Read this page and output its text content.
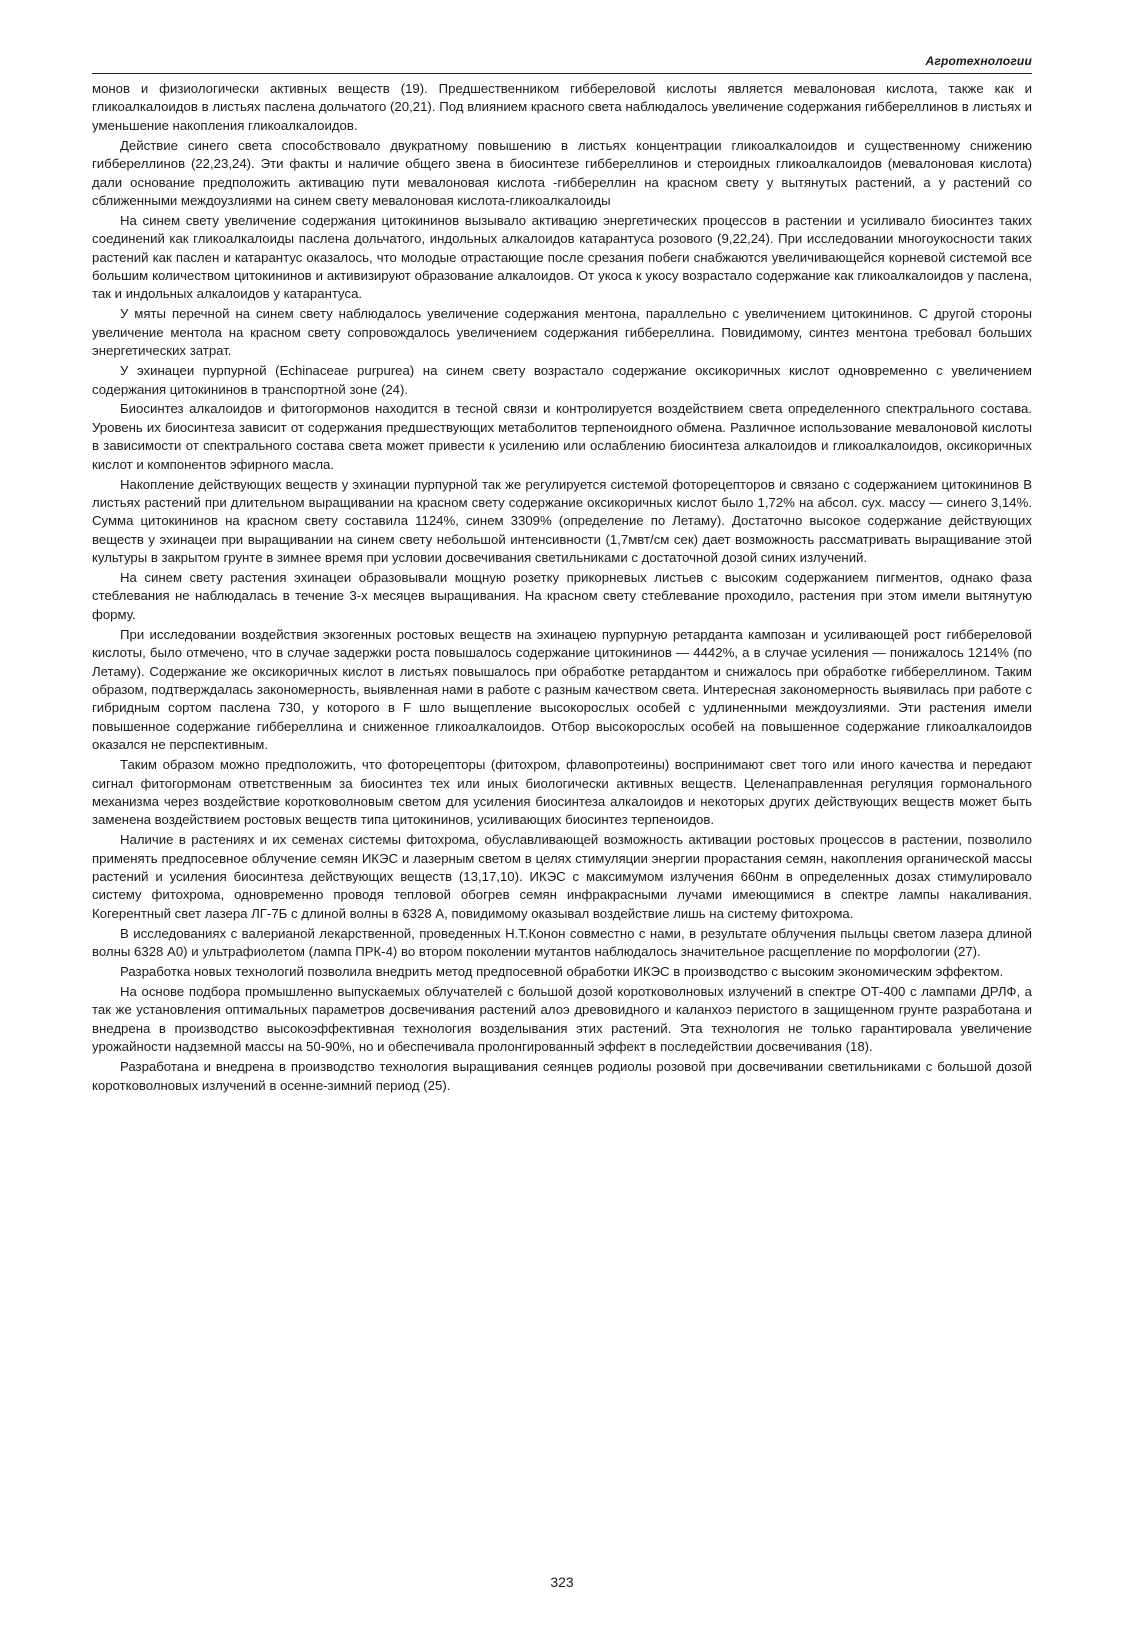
Агротехнологии

монов и физиологически активных веществ (19). Предшественником гиббереловой кислоты является мевалоновая кислота, также как и гликоалкалоидов в листьях паслена дольчатого (20,21). Под влиянием красного света наблюдалось увеличение содержания гиббереллинов в листьях и уменьшение накопления гликоалкалоидов.

Действие синего света способствовало двукратному повышению в листьях концентрации гликоалкалоидов и существенному снижению гиббереллинов (22,23,24). Эти факты и наличие общего звена в биосинтезе гиббереллинов и стероидных гликоалкалоидов (мевалоновая кислота) дали основание предположить активацию пути мевалоновая кислота -гиббереллин на красном свету у вытянутых растений, а у растений со сближенными междоузлиями на синем свету мевалоновая кислота-гликоалкалоиды

На синем свету увеличение содержания цитокининов вызывало активацию энергетических процессов в растении и усиливало биосинтез таких соединений как гликоалкалоиды паслена дольчатого, индольных алкалоидов катарантуса розового (9,22,24). При исследовании многоукосности таких растений как паслен и катарантус оказалось, что молодые отрастающие после срезания побеги снабжаются увеличивающейся корневой системой все большим количеством цитокининов и активизируют образование алкалоидов. От укоса к укосу возрастало содержание как гликоалкалоидов у паслена, так и индольных алкалоидов у катарантуса.

У мяты перечной на синем свету наблюдалось увеличение содержания ментона, параллельно с увеличением цитокининов. С другой стороны увеличение ментола на красном свету сопровождалось увеличением содержания гиббереллина. Повидимому, синтез ментона требовал больших энергетических затрат.

У эхинацеи пурпурной (Echinaceae purpurea) на синем свету возрастало содержание оксикоричных кислот одновременно с увеличением содержания цитокининов в транспортной зоне (24).

Биосинтез алкалоидов и фитогормонов находится в тесной связи и контролируется воздействием света определенного спектрального состава. Уровень их биосинтеза зависит от содержания предшествующих метаболитов терпеноидного обмена. Различное использование мевалоновой кислоты в зависимости от спектрального состава света может привести к усилению или ослаблению биосинтеза алкалоидов и гликоалкалоидов, оксикоричных кислот и компонентов эфирного масла.

Накопление действующих веществ у эхинации пурпурной так же регулируется системой фоторецепторов и связано с содержанием цитокининов В листьях растений при длительном выращивании на красном свету содержание оксикоричных кислот было 1,72% на абсол. сух. массу — синего 3,14%. Сумма цитокининов на красном свету составила 1124%, синем 3309% (определение по Летаму). Достаточно высокое содержание действующих веществ у эхинацеи при выращивании на синем свету небольшой интенсивности (1,7мвт/см сек) дает возможность рассматривать выращивание этой культуры в закрытом грунте в зимнее время при условии досвечивания светильниками с достаточной дозой синих излучений.

На синем свету растения эхинацеи образовывали мощную розетку прикорневых листьев с высоким содержанием пигментов, однако фаза стеблевания не наблюдалась в течение 3-х месяцев выращивания. На красном свету стеблевание проходило, растения при этом имели вытянутую форму.

При исследовании воздействия экзогенных ростовых веществ на эхинацею пурпурную ретарданта кампозан и усиливающей рост гиббереловой кислоты, было отмечено, что в случае задержки роста повышалось содержание цитокининов — 4442%, а в случае усиления — понижалось 1214% (по Летаму). Содержание же оксикоричных кислот в листьях повышалось при обработке ретардантом и снижалось при обработке гиббереллином. Таким образом, подтверждалась закономерность, выявленная нами в работе с разным качеством света. Интересная закономерность выявилась при работе с гибридным сортом паслена 730, у которого в F шло выщепление высокорослых особей с удлиненными междоузлиями. Эти растения имели повышенное содержание гиббереллина и сниженное гликоалкалоидов. Отбор высокорослых особей на повышенное содержание гликоалкалоидов оказался не перспективным.

Таким образом можно предположить, что фоторецепторы (фитохром, флавопротеины) воспринимают свет того или иного качества и передают сигнал фитогормонам ответственным за биосинтез тех или иных биологически активных веществ. Целенаправленная регуляция гормонального механизма через воздействие коротковолновым светом для усиления биосинтеза алкалоидов и некоторых других действующих веществ может быть заменена воздействием ростовых веществ типа цитокининов, усиливающих биосинтез терпеноидов.

Наличие в растениях и их семенах системы фитохрома, обуславливающей возможность активации ростовых процессов в растении, позволило применять предпосевное облучение семян ИКЭС и лазерным светом в целях стимуляции энергии прорастания семян, накопления органической массы растений и усиления биосинтеза действующих веществ (13,17,10). ИКЭС с максимумом излучения 660нм в определенных дозах стимулировало систему фитохрома, одновременно проводя тепловой обогрев семян инфракрасными лучами имеющимися в спектре лампы накаливания. Когерентный свет лазера ЛГ-7Б с длиной волны в 6328 А, повидимому оказывал воздействие лишь на систему фитохрома.

В исследованиях с валерианой лекарственной, проведенных Н.Т.Конон совместно с нами, в результате облучения пыльцы светом лазера длиной волны 6328 А0) и ультрафиолетом (лампа ПРК-4) во втором поколении мутантов наблюдалось значительное расщепление по морфологии (27).

Разработка новых технологий позволила внедрить метод предпосевной обработки ИКЭС в производство с высоким экономическим эффектом.

На основе подбора промышленно выпускаемых облучателей с большой дозой коротковолновых излучений в спектре ОТ-400 с лампами ДРЛФ, а так же установления оптимальных параметров досвечивания растений алоэ древовидного и каланхоэ перистого в защищенном грунте разработана и внедрена в производство высокоэффективная технология возделывания этих растений. Эта технология не только гарантировала увеличение урожайности надземной массы на 50-90%, но и обеспечивала пролонгированный эффект в последействии досвечивания (18).

Разработана и внедрена в производство технология выращивания сеянцев родиолы розовой при досвечивании светильниками с большой дозой коротковолновых излучений в осенне-зимний период (25).

323
